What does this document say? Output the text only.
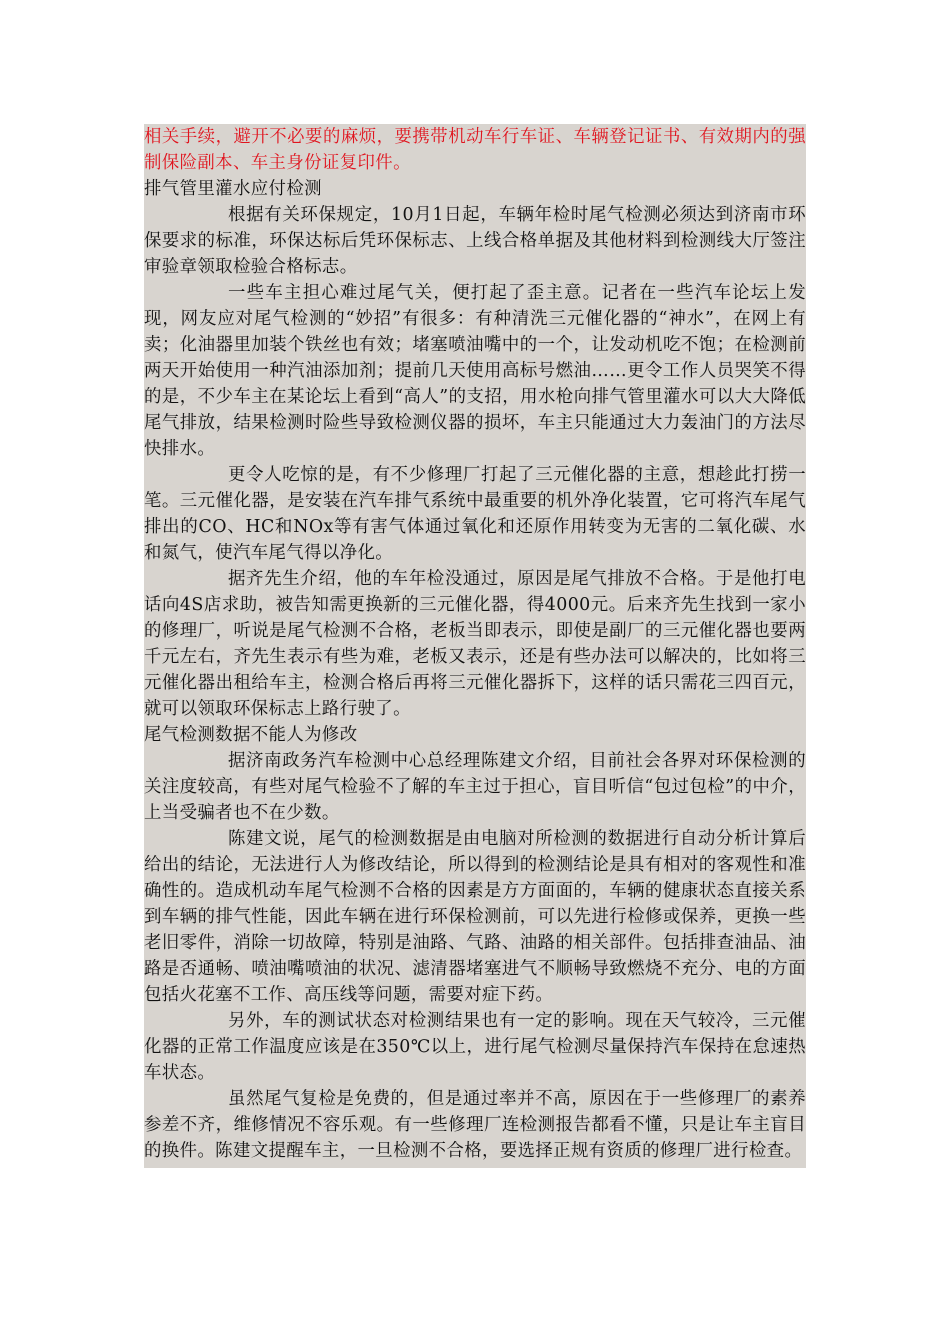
相关手续，避开不必要的麻烦，要携带机动车行车证、车辆登记证书、有效期内的强制保险副本、车主身份证复印件。

排气管里灌水应付检测

根据有关环保规定，10月1日起，车辆年检时尾气检测必须达到济南市环保要求的标准，环保达标后凭环保标志、上线合格单据及其他材料到检测线大厅签注审验章领取检验合格标志。

一些车主担心难过尾气关，便打起了歪主意。记者在一些汽车论坛上发现，网友应对尾气检测的“妙招”有很多：有种清洗三元催化器的“神水”，在网上有卖；化油器里加装个铁丝也有效；堵塞喷油嘴中的一个，让发动机吃不饱；在检测前两天开始使用一种汽油添加剂；提前几天使用高标号燃油……更令工作人员哭笑不得的是，不少车主在某论坛上看到“高人”的支招，用水枪向排气管里灌水可以大大降低尾气排放，结果检测时险些导致检测仪器的损坏，车主只能通过大力轰油门的方法尽快排水。

更令人吃惊的是，有不少修理厂打起了三元催化器的主意，想趁此打捞一笔。三元催化器，是安装在汽车排气系统中最重要的机外净化装置，它可将汽车尾气排出的CO、HC和NOx等有害气体通过氧化和还原作用转变为无害的二氧化碳、水和氮气，使汽车尾气得以净化。

据齐先生介绍，他的车年检没通过，原因是尾气排放不合格。于是他打电话向4S店求助，被告知需更换新的三元催化器，得4000元。后来齐先生找到一家小的修理厂，听说是尾气检测不合格，老板当即表示，即使是副厂的三元催化器也要两千元左右，齐先生表示有些为难，老板又表示，还是有些办法可以解决的，比如将三元催化器出租给车主，检测合格后再将三元催化器拆下，这样的话只需花三四百元，就可以领取环保标志上路行驶了。

尾气检测数据不能人为修改

据济南政务汽车检测中心总经理陈建文介绍，目前社会各界对环保检测的关注度较高，有些对尾气检验不了解的车主过于担心，盲目听信“包过包检”的中介，上当受骗者也不在少数。

陈建文说，尾气的检测数据是由电脑对所检测的数据进行自动分析计算后给出的结论，无法进行人为修改结论，所以得到的检测结论是具有相对的客观性和准确性的。造成机动车尾气检测不合格的因素是方方面面的，车辆的健康状态直接关系到车辆的排气性能，因此车辆在进行环保检测前，可以先进行检修或保养，更换一些老旧零件，消除一切故障，特别是油路、气路、油路的相关部件。包括排查油品、油路是否通畅、喷油嘴喷油的状况、滤清器堵塞进气不顺畅导致燃烧不充分、电的方面包括火花塞不工作、高压线等问题，需要对症下药。

另外，车的测试状态对检测结果也有一定的影响。现在天气较冷，三元催化器的正常工作温度应该是在350℃以上，进行尾气检测尽量保持汽车保持在怠速热车状态。

虽然尾气复检是免费的，但是通过率并不高，原因在于一些修理厂的素养参差不齐，维修情况不容乐观。有一些修理厂连检测报告都看不懂，只是让车主盲目的换件。陈建文提醒车主，一旦检测不合格，要选择正规有资质的修理厂进行检查。
